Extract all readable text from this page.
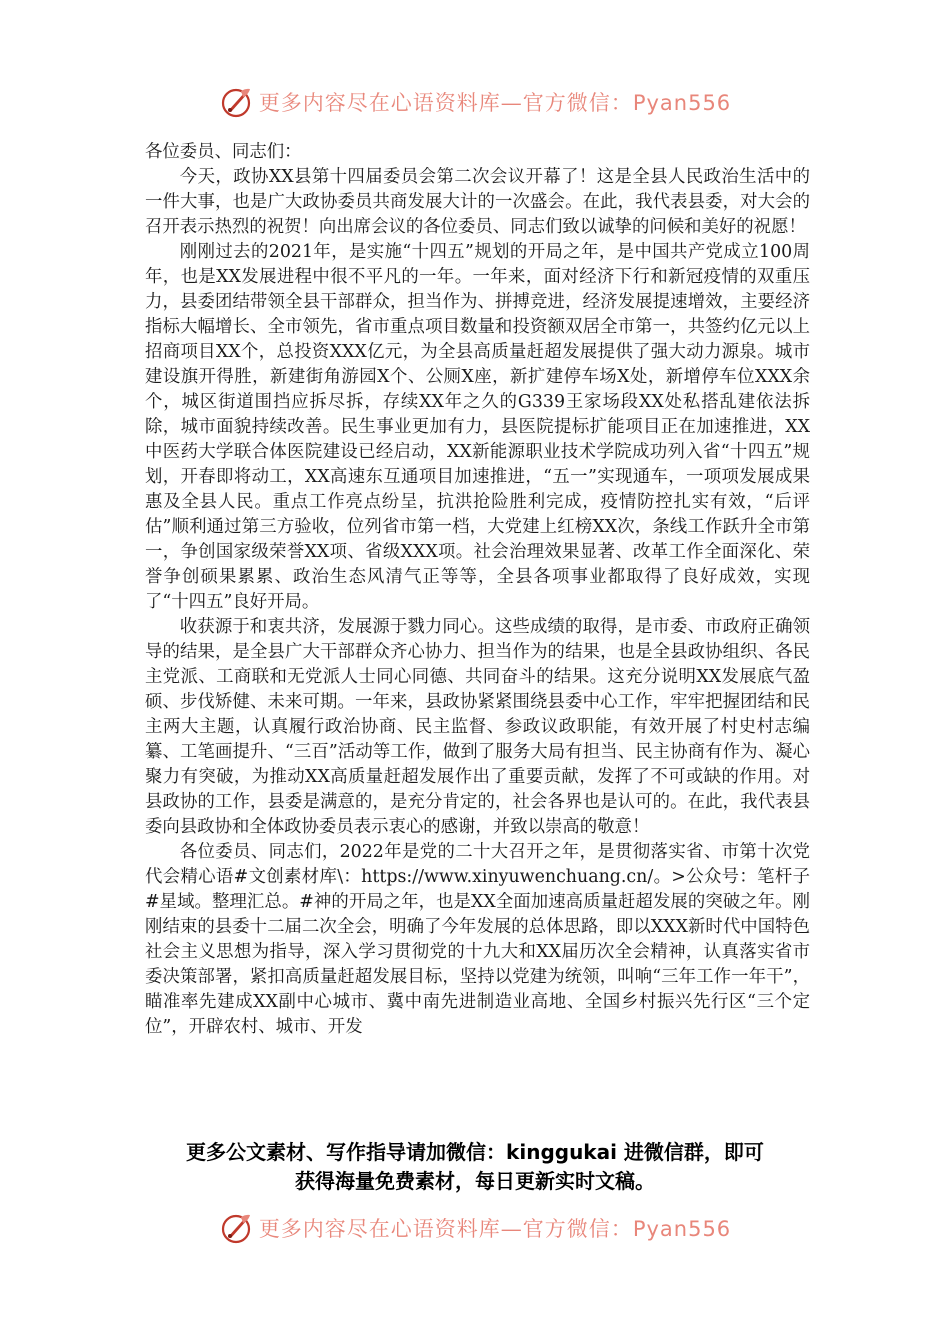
更多内容尽在心语资料库—官方微信：Pyan556

各位委员、同志们：

今天，政协XX县第十四届委员会第二次会议开幕了！这是全县人民政治生活中的一件大事，也是广大政协委员共商发展大计的一次盛会。在此，我代表县委，对大会的召开表示热烈的祝贺！向出席会议的各位委员、同志们致以诚挚的问候和美好的祝愿！

刚刚过去的2021年，是实施“十四五”规划的开局之年，是中国共产党成立100周年，也是XX发展进程中很不平凡的一年。一年来，面对经济下行和新冠疫情的双重压力，县委团结带领全县干部群众，担当作为、拼搏竞进，经济发展提速增效，主要经济指标大幅增长、全市领先，省市重点项目数量和投资额双居全市第一，共签约亿元以上招商项目XX个，总投资XXX亿元，为全县高质量赶超发展提供了强大动力源泉。城市建设旗开得胜，新建街角游园X个、公厕X座，新扩建停车场X处，新增停车位XXX余个，城区街道围挡应拆尽拆，存续XX年之久的G339王家场段XX处私搭乱建依法拆除，城市面貌持续改善。民生事业更加有力，县医院提标扩能项目正在加速推进，XX中医药大学联合体医院建设已经启动，XX新能源职业技术学院成功列入省“十四五”规划，开春即将动工，XX高速东互通项目加速推进，“五一”实现通车，一项项发展成果惠及全县人民。重点工作亮点纷呈，抗洪抢险胜利完成，疫情防控扎实有效，“后评估”顺利通过第三方验收，位列省市第一档，大党建上红榜XX次，条线工作跃升全市第一，争创国家级荣誉XX项、省级XXX项。社会治理效果显著、改革工作全面深化、荣誉争创硕果累累、政治生态风清气正等等，全县各项事业都取得了良好成效，实现了“十四五”良好开局。

收获源于和衷共济，发展源于戮力同心。这些成绩的取得，是市委、市政府正确领导的结果，是全县广大干部群众齐心协力、担当作为的结果，也是全县政协组织、各民主党派、工商联和无党派人士同心同德、共同奋斗的结果。这充分说明XX发展底气盈硕、步伐矫健、未来可期。一年来，县政协紧紧围绕县委中心工作，牢牢把握团结和民主两大主题，认真履行政治协商、民主监督、参政议政职能，有效开展了村史村志编纂、工笔画提升、“三百”活动等工作，做到了服务大局有担当、民主协商有作为、凝心聚力有突破，为推动XX高质量赶超发展作出了重要贡献，发挥了不可或缺的作用。对县政协的工作，县委是满意的，是充分肯定的，社会各界也是认可的。在此，我代表县委向县政协和全体政协委员表示衷心的感谢，并致以崇高的敬意！

各位委员、同志们，2022年是党的二十大召开之年，是贯彻落实省、市第十次党代会精心语#文创素材库\：https://www.xinyuwenchuang.cn/。>公众号：笔杆子#星域。整理汇总。#神的开局之年，也是XX全面加速高质量赶超发展的突破之年。刚刚结束的县委十二届二次全会，明确了今年发展的总体思路，即以XXX新时代中国特色社会主义思想为指导，深入学习贯彻党的十九大和XX届历次全会精神，认真落实省市委决策部署，紧扣高质量赶超发展目标，坚持以党建为统领，叫响“三年工作一年干”，瞄准率先建成XX副中心城市、冀中南先进制造业高地、全国乡村振兴先行区“三个定位”，开辟农村、城市、开发

更多公文素材、写作指导请加微信：kinggukai 进微信群，即可
获得海量免费素材，每日更新实时文稿。
更多内容尽在心语资料库—官方微信：Pyan556
